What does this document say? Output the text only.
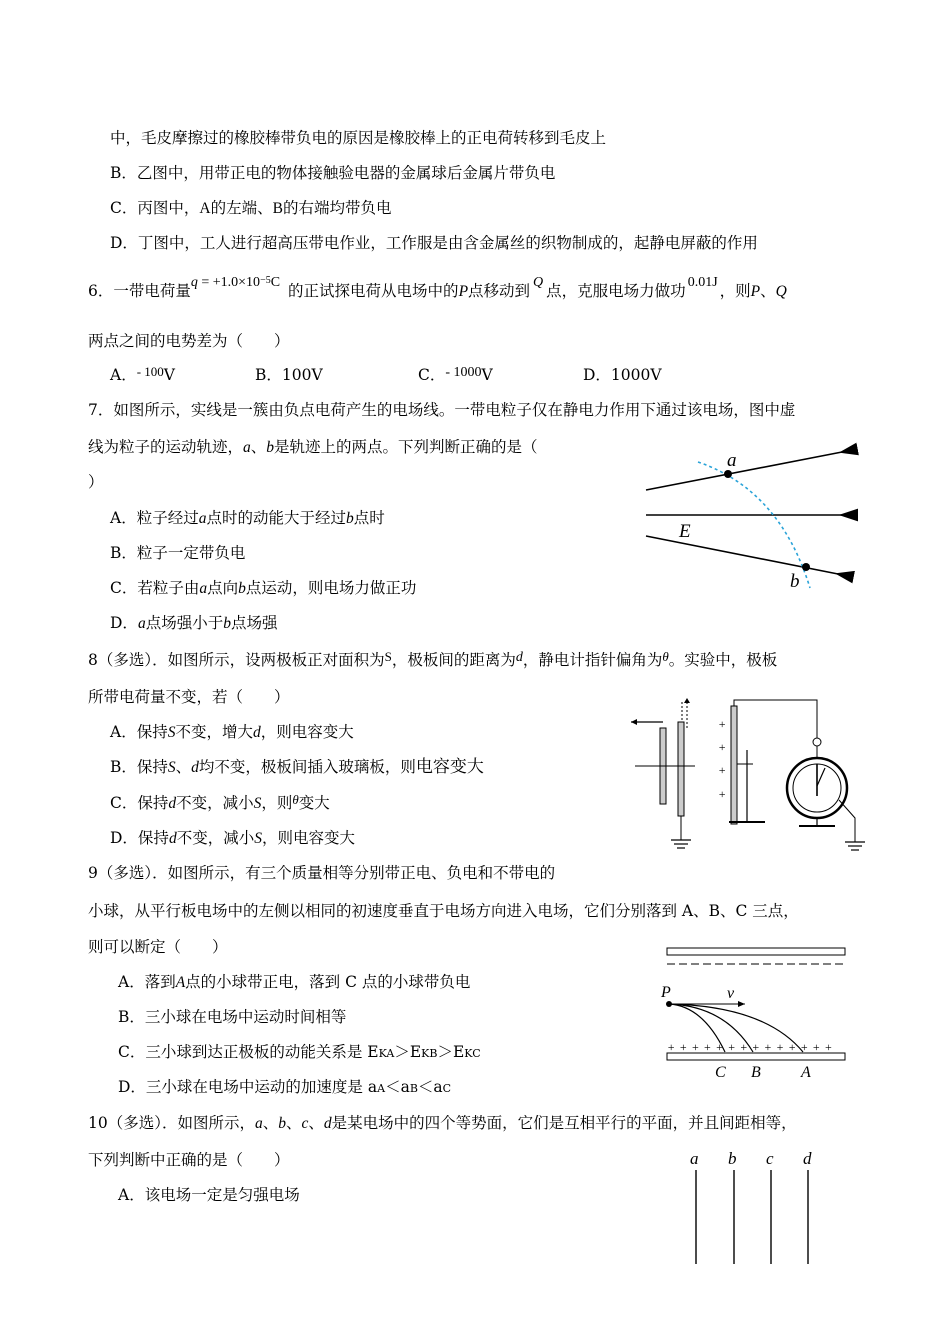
中，毛皮摩擦过的橡胶棒带负电的原因是橡胶棒上的正电荷转移到毛皮上
B．乙图中，用带正电的物体接触验电器的金属球后金属片带负电
C．丙图中，A的左端、B的右端均带负电
D．丁图中，工人进行超高压带电作业，工作服是由含金属丝的织物制成的，起静电屏蔽的作用
6．一带电荷量$q = +1.0\times 10^{-5}C$ 的正试探电荷从电场中的P点移动到 Q 点，克服电场力做功 0.01J ，则P、Q
两点之间的电势差为（　　）
A．$^{- 100}$V	B．100V	C．- 1000V	D．1000V
7．如图所示，实线是一簇由负点电荷产生的电场线。一带电粒子仅在静电力作用下通过该电场，图中虚
线为粒子的运动轨迹，a、b是轨迹上的两点。下列判断正确的是（
）
A．粒子经过a点时的动能大于经过b点时
B．粒子一定带负电
C．若粒子由a点向b点运动，则电场力做正功
D．a点场强小于b点场强
a
b
E
8（多选）．如图所示，设两极板正对面积为$^S$，极板间的距离为d，静电计指针偏角为$^\theta$。实验中，极板
所带电荷量不变，若（　　）
A．保持S不变，增大d，则电容变大
B．保持S、d均不变，极板间插入玻璃板，则电容变大
C．保持d不变，减小S，则$^\theta$变大
D．保持d不变，减小S，则电容变大
+
+
+
+
9（多选）．如图所示，有三个质量相等分别带正电、负电和不带电的
小球，从平行板电场中的左侧以相同的初速度垂直于电场方向进入电场，它们分别落到 A、B、C 三点，
则可以断定（　　）
A．落到A点的小球带正电，落到 C 点的小球带负电
B．三小球在电场中运动时间相等
C．三小球到达正极板的动能关系是 EKA＞EKB＞EKC
D．三小球在电场中运动的加速度是 aA＜aB＜aC
+ + + + + + + + + + + + + +
P	v
C B	A
10（多选）．如图所示，a、b、c、d是某电场中的四个等势面，它们是互相平行的平面，并且间距相等，
下列判断中正确的是（　　）
A．该电场一定是匀强电场
a b c d
